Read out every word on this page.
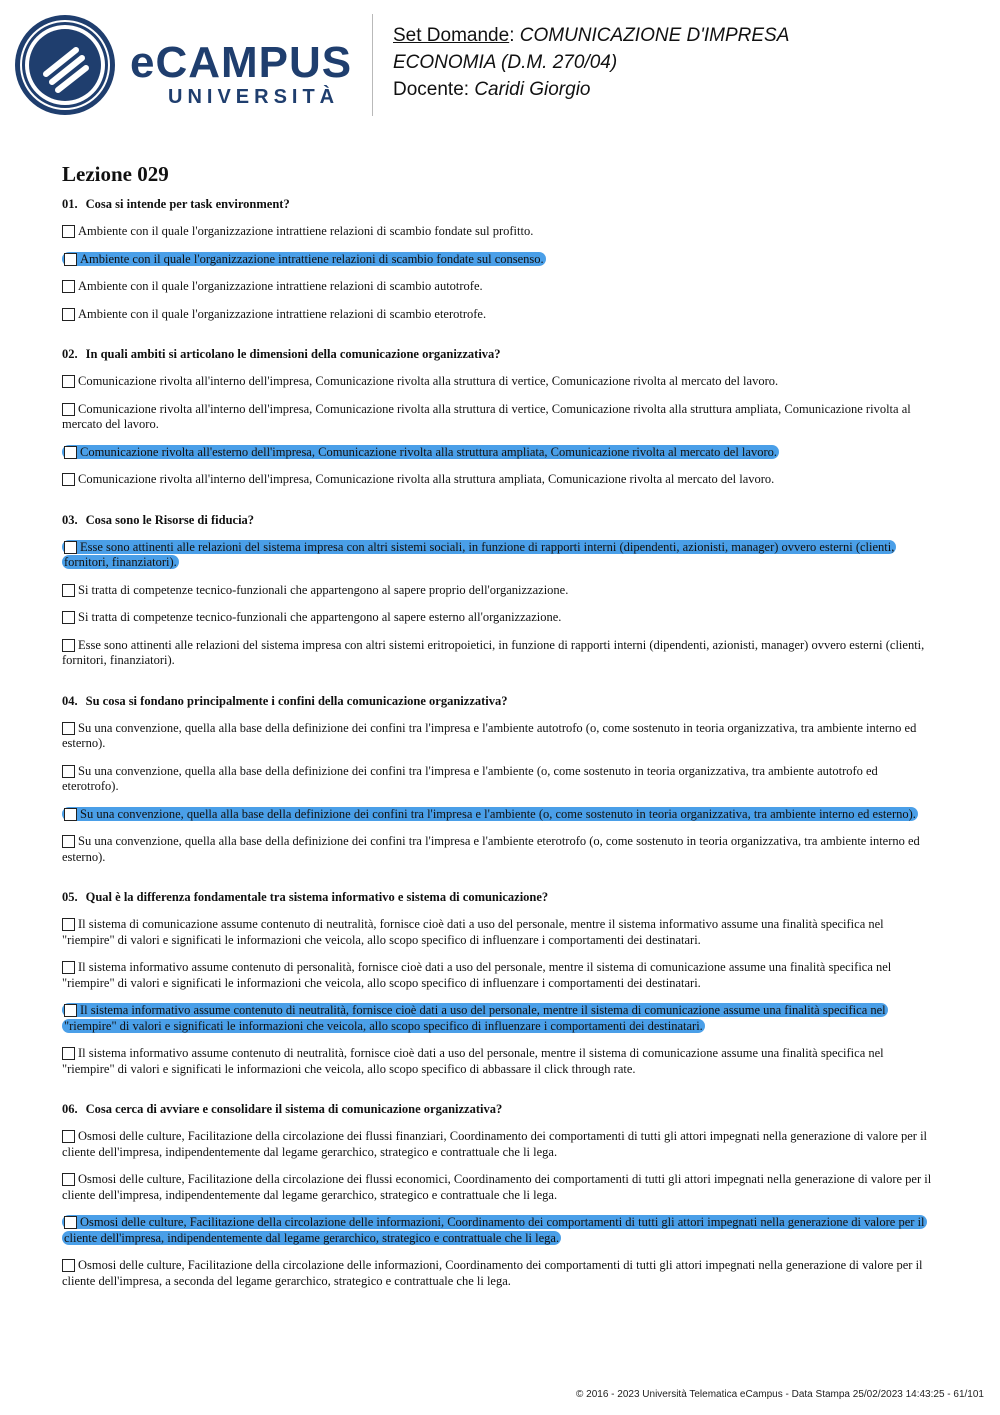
eCAMPUS
UNIVERSITÀ
Set Domande: COMUNICAZIONE D'IMPRESA
ECONOMIA (D.M. 270/04)
Docente: Caridi Giorgio
Lezione 029
01. Cosa si intende per task environment?
Ambiente con il quale l'organizzazione intrattiene relazioni di scambio fondate sul profitto.
Ambiente con il quale l'organizzazione intrattiene relazioni di scambio fondate sul consenso.
Ambiente con il quale l'organizzazione intrattiene relazioni di scambio autotrofe.
Ambiente con il quale l'organizzazione intrattiene relazioni di scambio eterotrofe.
02. In quali ambiti si articolano le dimensioni della comunicazione organizzativa?
Comunicazione rivolta all'interno dell'impresa, Comunicazione rivolta alla struttura di vertice, Comunicazione rivolta al mercato del lavoro.
Comunicazione rivolta all'interno dell'impresa, Comunicazione rivolta alla struttura di vertice, Comunicazione rivolta alla struttura ampliata, Comunicazione rivolta al mercato del lavoro.
Comunicazione rivolta all'esterno dell'impresa, Comunicazione rivolta alla struttura ampliata, Comunicazione rivolta al mercato del lavoro.
Comunicazione rivolta all'interno dell'impresa, Comunicazione rivolta alla struttura ampliata, Comunicazione rivolta al mercato del lavoro.
03. Cosa sono le Risorse di fiducia?
Esse sono attinenti alle relazioni del sistema impresa con altri sistemi sociali, in funzione di rapporti interni (dipendenti, azionisti, manager) ovvero esterni (clienti, fornitori, finanziatori).
Si tratta di competenze tecnico-funzionali che appartengono al sapere proprio dell'organizzazione.
Si tratta di competenze tecnico-funzionali che appartengono al sapere esterno all'organizzazione.
Esse sono attinenti alle relazioni del sistema impresa con altri sistemi eritropoietici, in funzione di rapporti interni (dipendenti, azionisti, manager) ovvero esterni (clienti, fornitori, finanziatori).
04. Su cosa si fondano principalmente i confini della comunicazione organizzativa?
Su una convenzione, quella alla base della definizione dei confini tra l'impresa e l'ambiente autotrofo (o, come sostenuto in teoria organizzativa, tra ambiente interno ed esterno).
Su una convenzione, quella alla base della definizione dei confini tra l'impresa e l'ambiente (o, come sostenuto in teoria organizzativa, tra ambiente autotrofo ed eterotrofo).
Su una convenzione, quella alla base della definizione dei confini tra l'impresa e l'ambiente (o, come sostenuto in teoria organizzativa, tra ambiente interno ed esterno).
Su una convenzione, quella alla base della definizione dei confini tra l'impresa e l'ambiente eterotrofo (o, come sostenuto in teoria organizzativa, tra ambiente interno ed esterno).
05. Qual è la differenza fondamentale tra sistema informativo e sistema di comunicazione?
Il sistema di comunicazione assume contenuto di neutralità, fornisce cioè dati a uso del personale, mentre il sistema informativo assume una finalità specifica nel "riempire" di valori e significati le informazioni che veicola, allo scopo specifico di influenzare i comportamenti dei destinatari.
Il sistema informativo assume contenuto di personalità, fornisce cioè dati a uso del personale, mentre il sistema di comunicazione assume una finalità specifica nel "riempire" di valori e significati le informazioni che veicola, allo scopo specifico di influenzare i comportamenti dei destinatari.
Il sistema informativo assume contenuto di neutralità, fornisce cioè dati a uso del personale, mentre il sistema di comunicazione assume una finalità specifica nel "riempire" di valori e significati le informazioni che veicola, allo scopo specifico di influenzare i comportamenti dei destinatari.
Il sistema informativo assume contenuto di neutralità, fornisce cioè dati a uso del personale, mentre il sistema di comunicazione assume una finalità specifica nel "riempire" di valori e significati le informazioni che veicola, allo scopo specifico di abbassare il click through rate.
06. Cosa cerca di avviare e consolidare il sistema di comunicazione organizzativa?
Osmosi delle culture, Facilitazione della circolazione dei flussi finanziari, Coordinamento dei comportamenti di tutti gli attori impegnati nella generazione di valore per il cliente dell'impresa, indipendentemente dal legame gerarchico, strategico e contrattuale che li lega.
Osmosi delle culture, Facilitazione della circolazione dei flussi economici, Coordinamento dei comportamenti di tutti gli attori impegnati nella generazione di valore per il cliente dell'impresa, indipendentemente dal legame gerarchico, strategico e contrattuale che li lega.
Osmosi delle culture, Facilitazione della circolazione delle informazioni, Coordinamento dei comportamenti di tutti gli attori impegnati nella generazione di valore per il cliente dell'impresa, indipendentemente dal legame gerarchico, strategico e contrattuale che li lega.
Osmosi delle culture, Facilitazione della circolazione delle informazioni, Coordinamento dei comportamenti di tutti gli attori impegnati nella generazione di valore per il cliente dell'impresa, a seconda del legame gerarchico, strategico e contrattuale che li lega.
© 2016 - 2023 Università Telematica eCampus - Data Stampa 25/02/2023 14:43:25 - 61/101
